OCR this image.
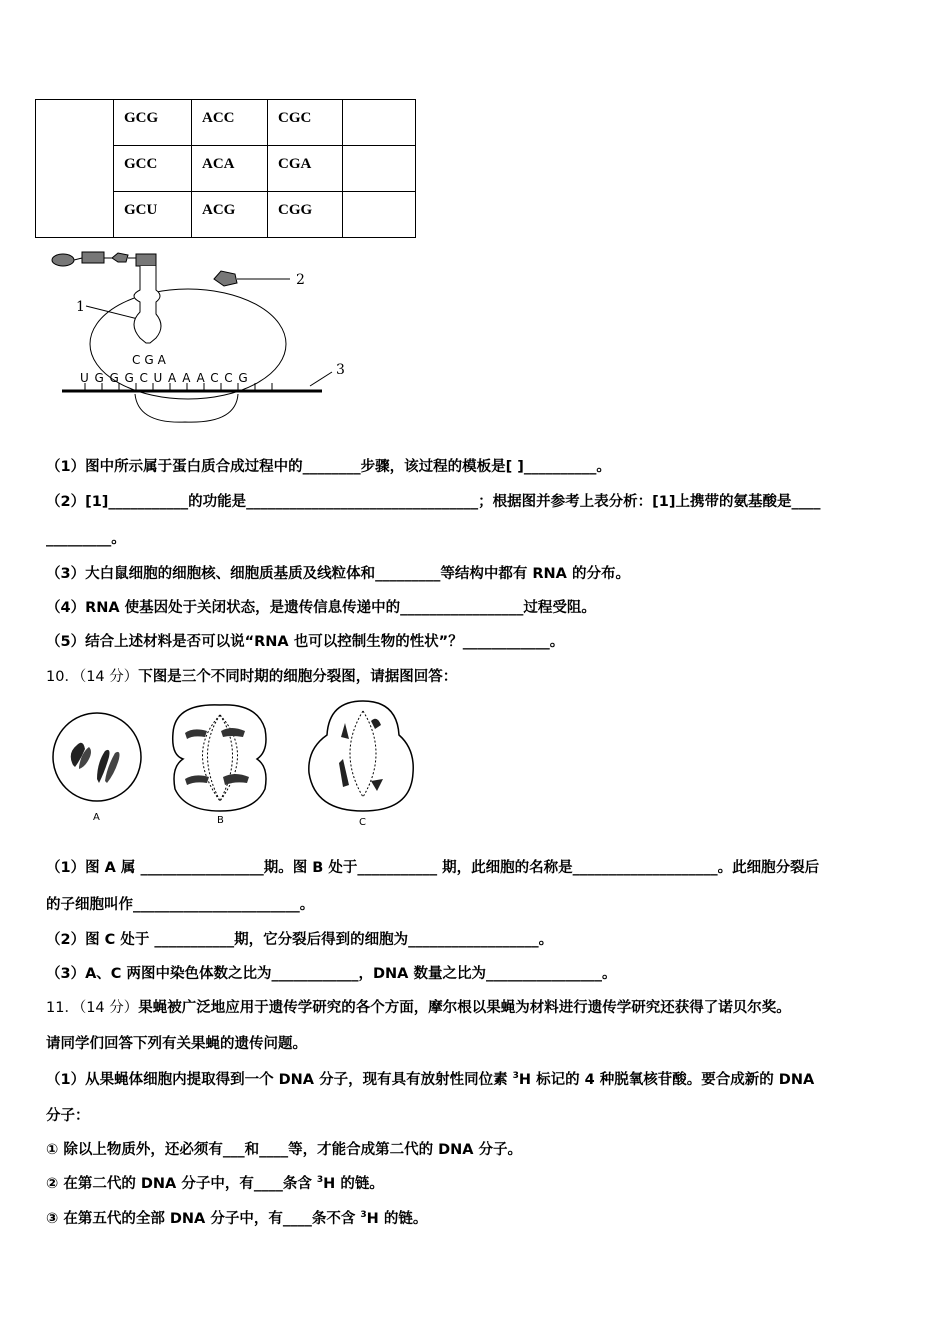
	GCG	ACC	CGC	
	GCC	ACA	CGA	
	GCU	ACG	CGG	
2
1
CGA
UGGGCUAAACCG	3
（1）图中所示属于蛋白质合成过程中的________步骤，该过程的模板是[ ]__________。
（2）[1]___________的功能是________________________________；根据图并参考上表分析：[1]上携带的氨基酸是____
_________。
（3）大白鼠细胞的细胞核、细胞质基质及线粒体和_________等结构中都有 RNA 的分布。
（4）RNA 使基因处于关闭状态，是遗传信息传递中的_________________过程受阻。
（5）结合上述材料是否可以说“RNA 也可以控制生物的性状”？____________。
10．（14 分）下图是三个不同时期的细胞分裂图，请据图回答：
A	B	C
（1）图 A 属 _________________期。图 B 处于___________ 期，此细胞的名称是____________________。此细胞分裂后
的子细胞叫作_______________________。
（2）图 C 处于 ___________期，它分裂后得到的细胞为__________________。
（3）A、C 两图中染色体数之比为____________，DNA 数量之比为________________。
11．（14 分）果蝇被广泛地应用于遗传学研究的各个方面，摩尔根以果蝇为材料进行遗传学研究还获得了诺贝尔奖。
请同学们回答下列有关果蝇的遗传问题。
（1）从果蝇体细胞内提取得到一个 DNA 分子，现有具有放射性同位素 $^3$H 标记的 4 种脱氧核苷酸。要合成新的 DNA
分子：
① 除以上物质外，还必须有___和____等，才能合成第二代的 DNA 分子。
② 在第二代的 DNA 分子中，有____条含 $^3$H 的链。
③ 在第五代的全部 DNA 分子中，有____条不含 $^3$H 的链。
